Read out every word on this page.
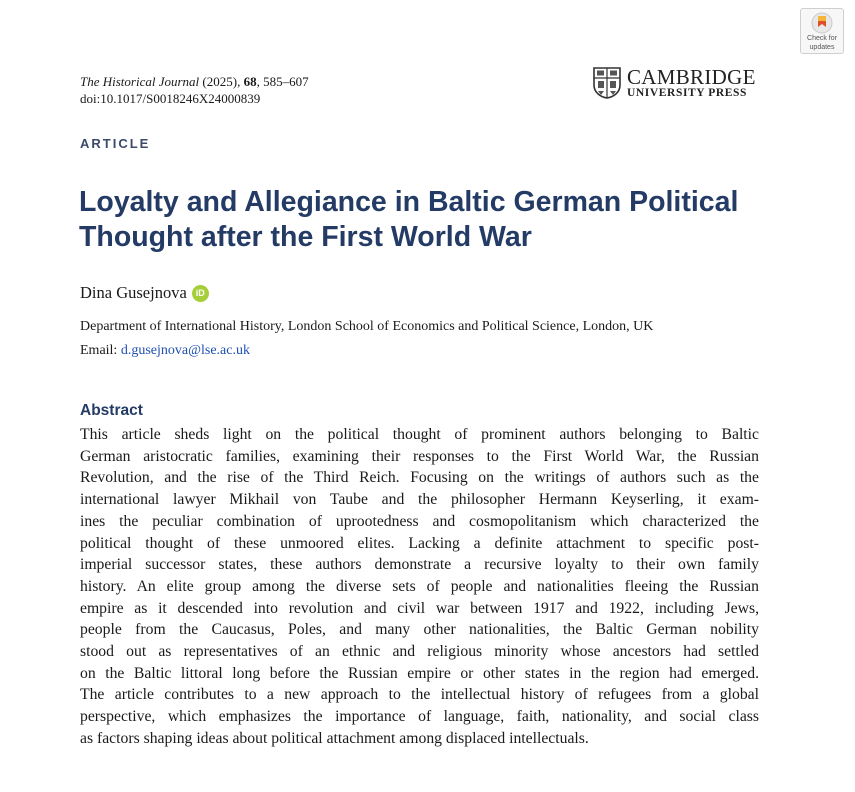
Check for
updates
The Historical Journal (2025), 68, 585–607
doi:10.1017/S0018246X24000839
CAMBRIDGE
UNIVERSITY PRESS
ARTICLE
Loyalty and Allegiance in Baltic German Political Thought after the First World War
Dina Gusejnova	iD
Department of International History, London School of Economics and Political Science, London, UK
Email: d.gusejnova@lse.ac.uk
Abstract
This article sheds light on the political thought of prominent authors belonging to Baltic
German aristocratic families, examining their responses to the First World War, the Russian
Revolution, and the rise of the Third Reich. Focusing on the writings of authors such as the
international lawyer Mikhail von Taube and the philosopher Hermann Keyserling, it exam-
ines the peculiar combination of uprootedness and cosmopolitanism which characterized the
political thought of these unmoored elites. Lacking a definite attachment to specific post-
imperial successor states, these authors demonstrate a recursive loyalty to their own family
history. An elite group among the diverse sets of people and nationalities fleeing the Russian
empire as it descended into revolution and civil war between 1917 and 1922, including Jews,
people from the Caucasus, Poles, and many other nationalities, the Baltic German nobility
stood out as representatives of an ethnic and religious minority whose ancestors had settled
on the Baltic littoral long before the Russian empire or other states in the region had emerged.
The article contributes to a new approach to the intellectual history of refugees from a global
perspective, which emphasizes the importance of language, faith, nationality, and social class
as factors shaping ideas about political attachment among displaced intellectuals.
